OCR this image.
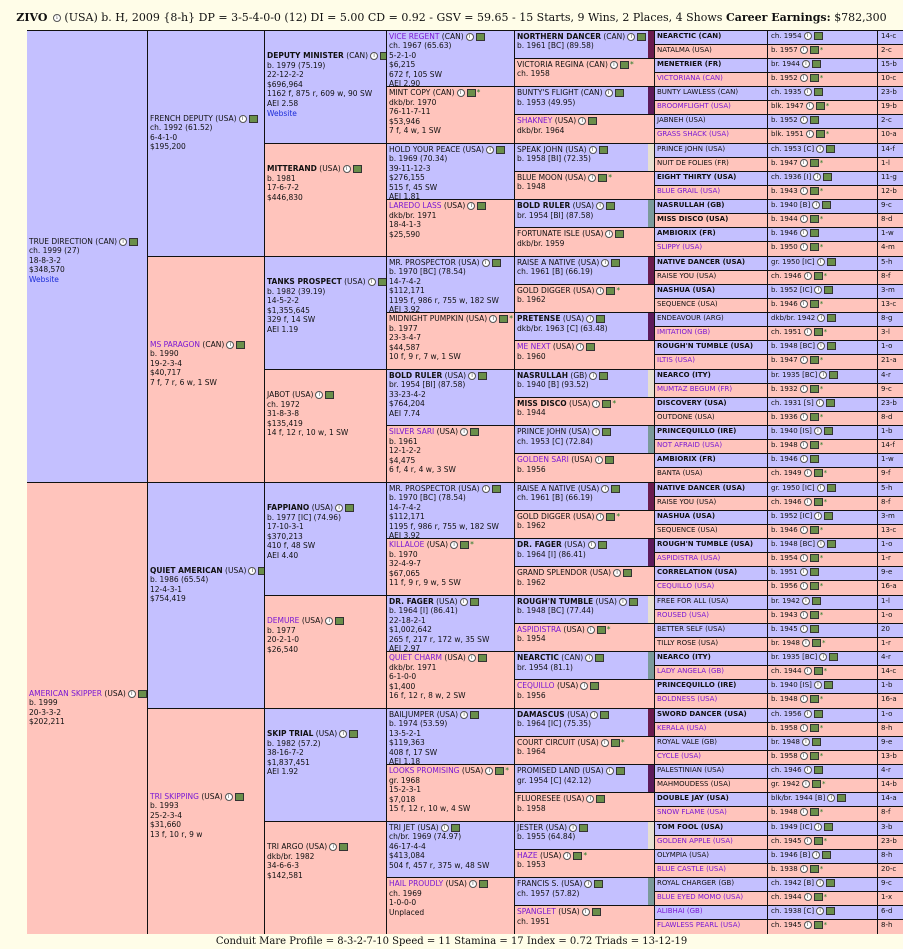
ZIVO i (USA) b. H, 2009 {8-h} DP = 3-5-4-0-0 (12) DI = 5.00 CD = 0.92 - GSV = 59.65 - 15 Starts, 9 Wins, 2 Places, 4 Shows Career Earnings: $782,300
TRUE DIRECTION (CAN) i
ch. 1999 (27)
18-8-3-2
$348,570
Website
AMERICAN SKIPPER (USA) i
b. 1999
20-3-3-2
$202,211
FRENCH DEPUTY (USA) i
ch. 1992 (61.52)
6-4-1-0
$195,200
MS PARAGON (CAN) i
b. 1990
19-2-3-4
$40,717
7 f, 7 r, 6 w, 1 SW
QUIET AMERICAN (USA) i
b. 1986 (65.54)
12-4-3-1
$754,419
TRI SKIPPING (USA) i
b. 1993
25-2-3-4
$31,660
13 f, 10 r, 9 w
DEPUTY MINISTER (CAN) i
b. 1979 (75.19)
22-12-2-2
$696,964
1162 f, 875 r, 609 w, 90 SW
AEI 2.58
Website
MITTERAND (USA) i
b. 1981
17-6-7-2
$446,830
TANKS PROSPECT (USA) i
b. 1982 (39.19)
14-5-2-2
$1,355,645
329 f, 14 SW
AEI 1.19
JABOT (USA) i
ch. 1972
31-8-3-8
$135,419
14 f, 12 r, 10 w, 1 SW
FAPPIANO (USA) i
b. 1977 [IC] (74.96)
17-10-3-1
$370,213
410 f, 48 SW
AEI 4.40
DEMURE (USA) i
b. 1977
20-2-1-0
$26,540
SKIP TRIAL (USA) i
b. 1982 (57.2)
38-16-7-2
$1,837,451
AEI 1.92
TRI ARGO (USA) i
dkb/br. 1982
34-6-6-3
$142,581
VICE REGENT (CAN) i
ch. 1967 (65.63)
5-2-1-0
$6,215
672 f, 105 SW
AEI 2.90
MINT COPY (CAN) i *
dkb/br. 1970
76-11-7-11
$53,946
7 f, 4 w, 1 SW
HOLD YOUR PEACE (USA) i
b. 1969 (70.34)
39-11-12-3
$276,155
515 f, 45 SW
AEI 1.81
LAREDO LASS (USA) i
dkb/br. 1971
18-4-1-3
$25,590
MR. PROSPECTOR (USA) i
b. 1970 [BC] (78.54)
14-7-4-2
$112,171
1195 f, 986 r, 755 w, 182 SW
AEI 3.92
MIDNIGHT PUMPKIN (USA) i *
b. 1977
23-3-4-7
$44,587
10 f, 9 r, 7 w, 1 SW
BOLD RULER (USA) i
br. 1954 [BI] (87.58)
33-23-4-2
$764,204
AEI 7.74
SILVER SARI (USA) i
b. 1961
12-1-2-2
$4,475
6 f, 4 r, 4 w, 3 SW
MR. PROSPECTOR (USA) i
b. 1970 [BC] (78.54)
14-7-4-2
$112,171
1195 f, 986 r, 755 w, 182 SW
AEI 3.92
KILLALOE (USA) i *
b. 1970
32-4-9-7
$67,065
11 f, 9 r, 9 w, 5 SW
DR. FAGER (USA) i
b. 1964 [I] (86.41)
22-18-2-1
$1,002,642
265 f, 217 r, 172 w, 35 SW
AEI 2.97
QUIET CHARM (USA) i
dkb/br. 1971
6-1-0-0
$1,400
16 f, 12 r, 8 w, 2 SW
BAILJUMPER (USA) i
b. 1974 (53.59)
13-5-2-1
$119,363
408 f, 17 SW
AEI 1.18
LOOKS PROMISING (USA) i *
gr. 1968
15-2-3-1
$7,018
15 f, 12 r, 10 w, 4 SW
TRI JET (USA) i
ch/br. 1969 (74.97)
46-17-4-4
$413,084
504 f, 457 r, 375 w, 48 SW
HAIL PROUDLY (USA) i
ch. 1969
1-0-0-0
Unplaced
NORTHERN DANCER (CAN) i
b. 1961 [BC] (89.58)
VICTORIA REGINA (CAN) i *
ch. 1958
BUNTY'S FLIGHT (CAN) i
b. 1953 (49.95)
SHAKNEY (USA) i
dkb/br. 1964
SPEAK JOHN (USA) i
b. 1958 [BI] (72.35)
BLUE MOON (USA) i *
b. 1948
BOLD RULER (USA) i
br. 1954 [BI] (87.58)
FORTUNATE ISLE (USA) i
dkb/br. 1959
RAISE A NATIVE (USA) i
ch. 1961 [B] (66.19)
GOLD DIGGER (USA) i *
b. 1962
PRETENSE (USA) i
dkb/br. 1963 [C] (63.48)
ME NEXT (USA) i
b. 1960
NASRULLAH (GB) i
b. 1940 [B] (93.52)
MISS DISCO (USA) i *
b. 1944
PRINCE JOHN (USA) i
ch. 1953 [C] (72.84)
GOLDEN SARI (USA) i
b. 1956
RAISE A NATIVE (USA) i
ch. 1961 [B] (66.19)
GOLD DIGGER (USA) i *
b. 1962
DR. FAGER (USA) i
b. 1964 [I] (86.41)
GRAND SPLENDOR (USA) i
b. 1962
ROUGH'N TUMBLE (USA) i
b. 1948 [BC] (77.44)
ASPIDISTRA (USA) i *
b. 1954
NEARCTIC (CAN) i
br. 1954 (81.1)
CEQUILLO (USA) i
b. 1956
DAMASCUS (USA) i
b. 1964 [IC] (75.35)
COURT CIRCUIT (USA) i *
b. 1964
PROMISED LAND (USA) i
gr. 1954 [C] (42.12)
FLUORESEE (USA) i
b. 1958
JESTER (USA) i
b. 1955 (64.84)
HAZE (USA) i *
b. 1953
FRANCIS S. (USA) i
ch. 1957 (57.82)
SPANGLET (USA) i
ch. 1951
NEARCTIC (CAN)	ch. 1954 i	14-c
NATALMA (USA)	b. 1957 i *	2-c
MENETRIER (FR)	br. 1944 i	15-b
VICTORIANA (CAN)	b. 1952 i *	10-c
BUNTY LAWLESS (CAN)	ch. 1935 i	23-b
BROOMFLIGHT (USA)	blk. 1947 i *	19-b
JABNEH (USA)	b. 1952 i	2-c
GRASS SHACK (USA)	blk. 1951 i *	10-a
PRINCE JOHN (USA)	ch. 1953 [C] i	14-f
NUIT DE FOLIES (FR)	b. 1947 i *	1-l
EIGHT THIRTY (USA)	ch. 1936 [I] i	11-g
BLUE GRAIL (USA)	b. 1943 i *	12-b
NASRULLAH (GB)	b. 1940 [B] i	9-c
MISS DISCO (USA)	b. 1944 i *	8-d
AMBIORIX (FR)	b. 1946 i	1-w
SLIPPY (USA)	b. 1950 i *	4-m
NATIVE DANCER (USA)	gr. 1950 [IC] i	5-h
RAISE YOU (USA)	ch. 1946 i *	8-f
NASHUA (USA)	b. 1952 [IC] i	3-m
SEQUENCE (USA)	b. 1946 i *	13-c
ENDEAVOUR (ARG)	dkb/br. 1942 i	8-g
IMITATION (GB)	ch. 1951 i *	3-l
ROUGH'N TUMBLE (USA)	b. 1948 [BC] i	1-o
ILTIS (USA)	b. 1947 i *	21-a
NEARCO (ITY)	br. 1935 [BC] i	4-r
MUMTAZ BEGUM (FR)	b. 1932 i *	9-c
DISCOVERY (USA)	ch. 1931 [S] i	23-b
OUTDONE (USA)	b. 1936 i *	8-d
PRINCEQUILLO (IRE)	b. 1940 [IS] i	1-b
NOT AFRAID (USA)	b. 1948 i *	14-f
AMBIORIX (FR)	b. 1946 i	1-w
BANTA (USA)	ch. 1949 i *	9-f
NATIVE DANCER (USA)	gr. 1950 [IC] i	5-h
RAISE YOU (USA)	ch. 1946 i *	8-f
NASHUA (USA)	b. 1952 [IC] i	3-m
SEQUENCE (USA)	b. 1946 i *	13-c
ROUGH'N TUMBLE (USA)	b. 1948 [BC] i	1-o
ASPIDISTRA (USA)	b. 1954 i *	1-r
CORRELATION (USA)	b. 1951 i	9-e
CEQUILLO (USA)	b. 1956 i *	16-a
FREE FOR ALL (USA)	br. 1942 i	1-l
ROUSED (USA)	b. 1943 i *	1-o
BETTER SELF (USA)	b. 1945 i	20
TILLY ROSE (USA)	br. 1948 i *	1-r
NEARCO (ITY)	br. 1935 [BC] i	4-r
LADY ANGELA (GB)	ch. 1944 i *	14-c
PRINCEQUILLO (IRE)	b. 1940 [IS] i	1-b
BOLDNESS (USA)	b. 1948 i *	16-a
SWORD DANCER (USA)	ch. 1956 i	1-o
KERALA (USA)	b. 1958 i *	8-h
ROYAL VALE (GB)	br. 1948 i	9-e
CYCLE (USA)	b. 1958 i *	13-b
PALESTINIAN (USA)	ch. 1946 i	4-r
MAHMOUDESS (USA)	gr. 1942 i *	14-b
DOUBLE JAY (USA)	blk/br. 1944 [B] i	14-a
SNOW FLAME (USA)	b. 1948 i *	8-f
TOM FOOL (USA)	b. 1949 [IC] i	3-b
GOLDEN APPLE (USA)	ch. 1945 i *	23-b
OLYMPIA (USA)	b. 1946 [B] i	8-h
BLUE CASTLE (USA)	b. 1938 i *	20-c
ROYAL CHARGER (GB)	ch. 1942 [B] i	9-c
BLUE EYED MOMO (USA)	ch. 1944 i *	1-x
ALIBHAI (GB)	ch. 1938 [C] i	6-d
FLAWLESS PEARL (USA)	ch. 1945 i *	8-h
Conduit Mare Profile = 8-3-2-7-10 Speed = 11 Stamina = 17 Index = 0.72 Triads = 13-12-19
